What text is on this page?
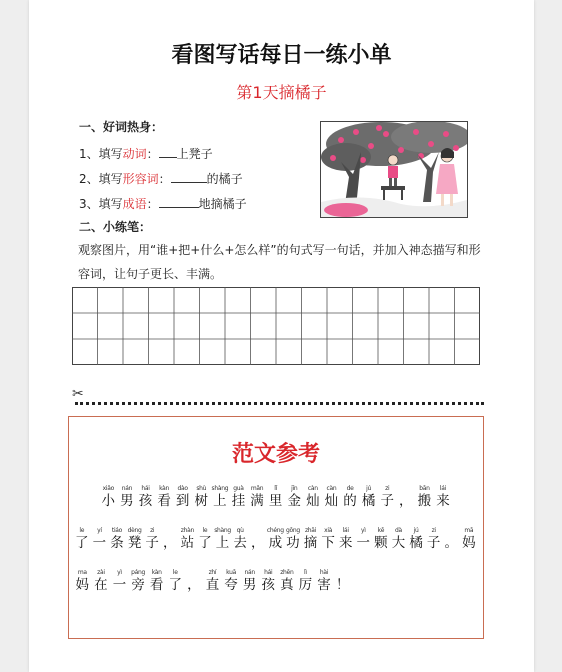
看图写话每日一练小单
第1天摘橘子
一、好词热身：
1、填写动词： 上凳子
2、填写形容词：	的橘子
3、填写成语：	地摘橘子
二、小练笔：
观察图片，用“谁+把+什么+怎么样”的句式写一句话，并加入神态描写和形
容词，让句子更长、丰满。
✂
范文参考

xiǎo
小
nán
男
hái
孩
kàn
看
dào
到
shù
树
shàng
上
guà
挂
mǎn
满
lǐ
里
jīn
金
càn
灿
càn
灿
de
的
jú
橘
zi
子 ，
bān
搬
lái
来
le
了
yí
一
tiáo
条
dèng
凳
zi
子 ，
zhàn
站
le
了
shàng
上
qù
去 ，
chéng
成
gōng
功
zhāi
摘
xià
下
lái
来
yì
一
kē
颗
dà
大
jú
橘
zi
子 。
mā
妈
ma
妈
zài
在
yì
一
páng
旁
kàn
看
le
了 ，
zhí
直
kuā
夸
nán
男
hái
孩
zhēn
真
lì
厉
hài
害 ！
